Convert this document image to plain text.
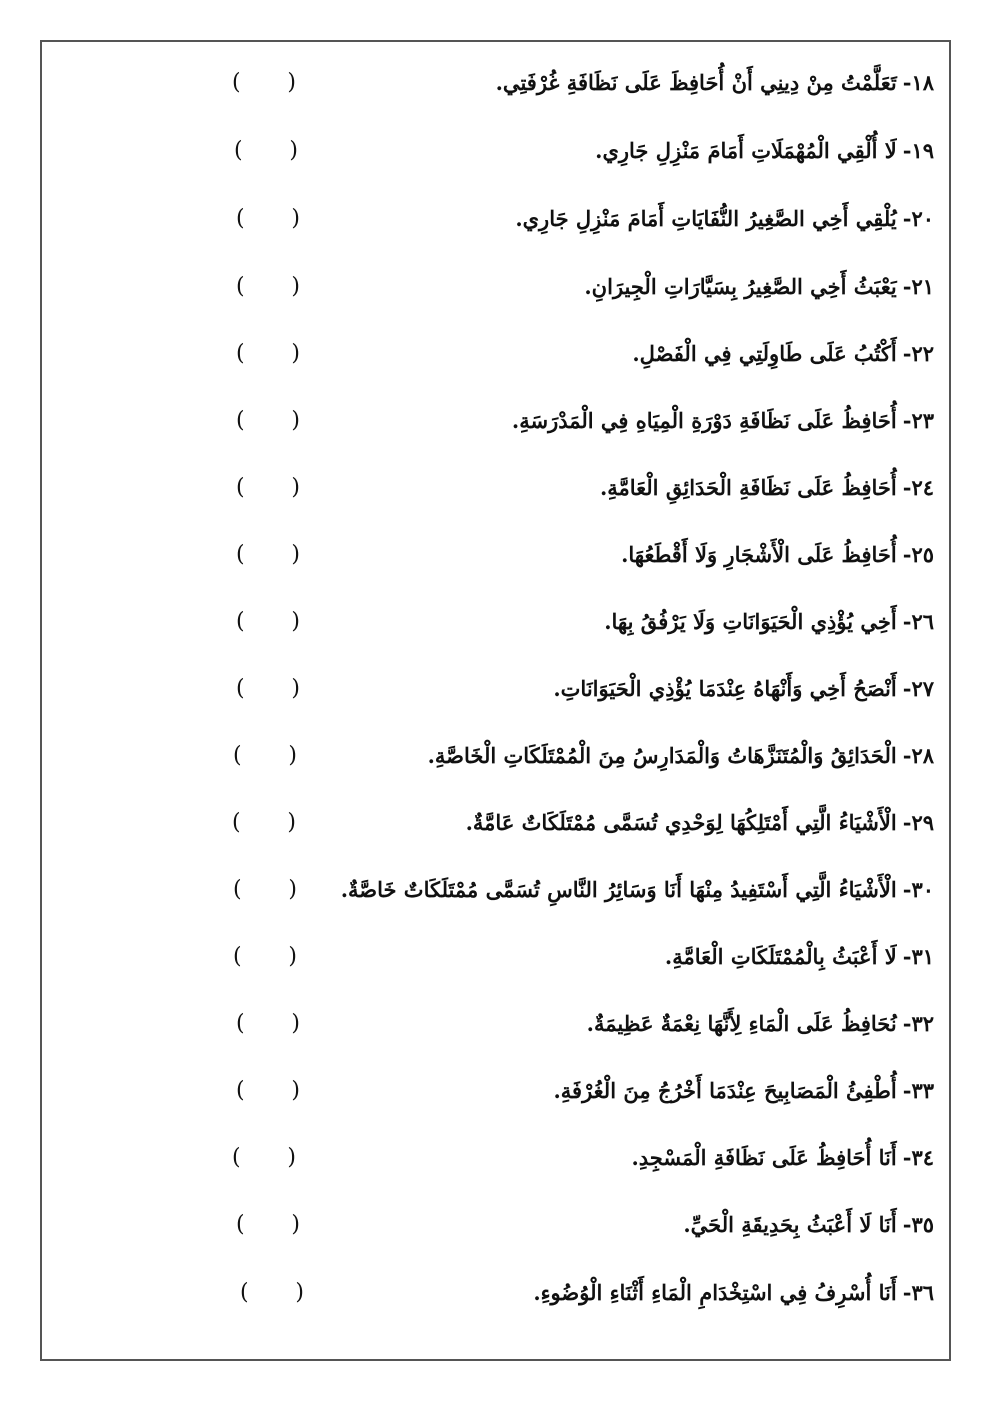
١٨-تَعَلَّمْتُ مِنْ دِينِي أَنْ أُحَافِظَ عَلَى نَظَافَةِ غُرْفَتِي.
( )
١٩-لَا أُلْقِي الْمُهْمَلَاتِ أَمَامَ مَنْزِلِ جَارِي.
( )
٢٠-يُلْقِي أَخِي الصَّغِيرُ النُّفَايَاتِ أَمَامَ مَنْزِلِ جَارِي.
( )
٢١-يَعْبَثُ أَخِي الصَّغِيرُ بِسَيَّارَاتِ الْجِيرَانِ.
( )
٢٢-أَكْتُبُ عَلَى طَاوِلَتِي فِي الْفَصْلِ.
( )
٢٣-أُحَافِظُ عَلَى نَظَافَةِ دَوْرَةِ الْمِيَاهِ فِي الْمَدْرَسَةِ.
( )
٢٤-أُحَافِظُ عَلَى نَظَافَةِ الْحَدَائِقِ الْعَامَّةِ.
( )
٢٥-أُحَافِظُ عَلَى الْأَشْجَارِ وَلَا أَقْطَعُهَا.
( )
٢٦-أَخِي يُؤْذِي الْحَيَوَانَاتِ وَلَا يَرْفُقُ بِهَا.
( )
٢٧-أَنْصَحُ أَخِي وَأَنْهَاهُ عِنْدَمَا يُؤْذِي الْحَيَوَانَاتِ.
( )
٢٨-الْحَدَائِقُ وَالْمُتَنَزَّهَاتُ وَالْمَدَارِسُ مِنَ الْمُمْتَلَكَاتِ الْخَاصَّةِ.
( )
٢٩-الْأَشْيَاءُ الَّتِي أَمْتَلِكُهَا لِوَحْدِي تُسَمَّى مُمْتَلَكَاتٌ عَامَّةٌ.
( )
٣٠-الْأَشْيَاءُ الَّتِي أَسْتَفِيدُ مِنْهَا أَنَا وَسَائِرُ النَّاسِ تُسَمَّى مُمْتَلَكَاتٌ خَاصَّةٌ.
( )
٣١-لَا أَعْبَثُ بِالْمُمْتَلَكَاتِ الْعَامَّةِ.
( )
٣٢-نُحَافِظُ عَلَى الْمَاءِ لِأَنَّهَا نِعْمَةٌ عَظِيمَةٌ.
( )
٣٣-أُطْفِئُ الْمَصَابِيحَ عِنْدَمَا أَخْرُجُ مِنَ الْغُرْفَةِ.
( )
٣٤-أَنَا أُحَافِظُ عَلَى نَظَافَةِ الْمَسْجِدِ.
( )
٣٥-أَنَا لَا أَعْبَثُ بِحَدِيقَةِ الْحَيِّ.
( )
٣٦-أَنَا أُسْرِفُ فِي اسْتِخْدَامِ الْمَاءِ أَثْنَاءِ الْوُضُوءِ.
( )
